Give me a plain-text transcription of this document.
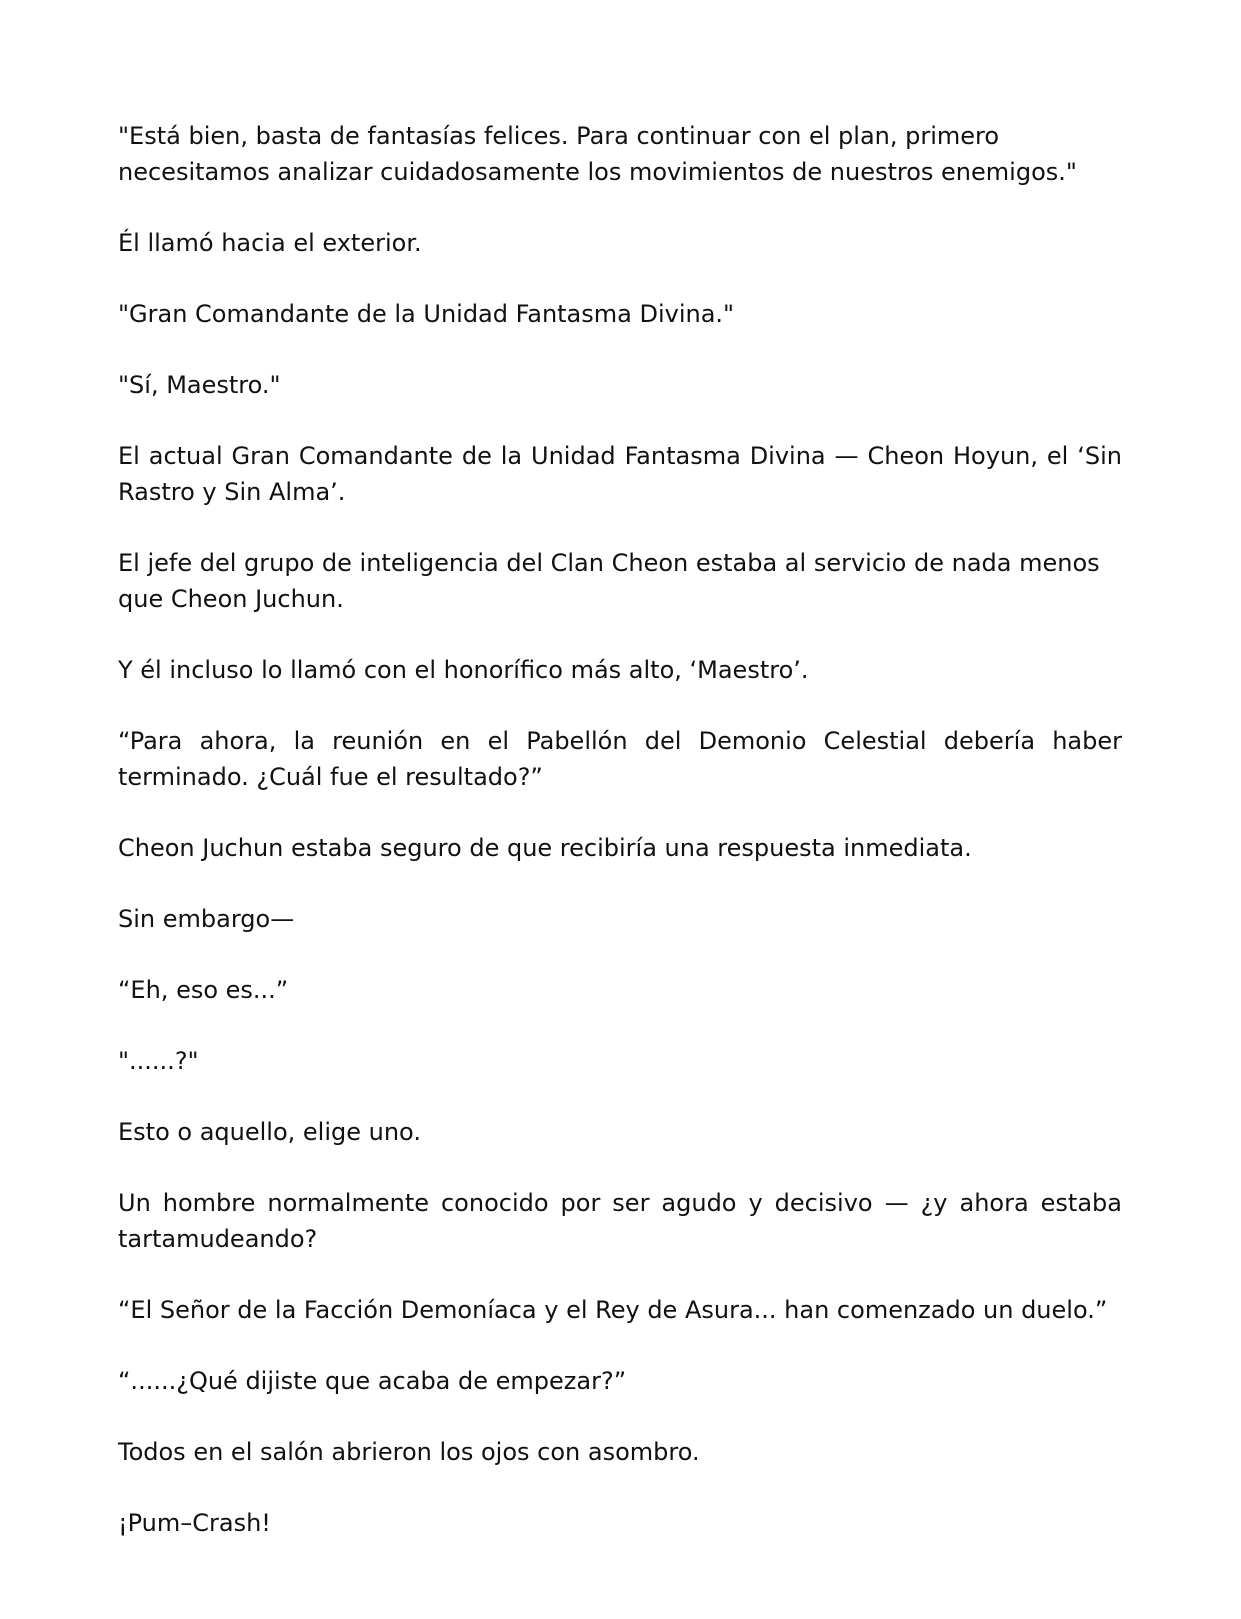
"Está bien, basta de fantasías felices. Para continuar con el plan, primero necesitamos analizar cuidadosamente los movimientos de nuestros enemigos."

Él llamó hacia el exterior.

"Gran Comandante de la Unidad Fantasma Divina."

"Sí, Maestro."

El actual Gran Comandante de la Unidad Fantasma Divina — Cheon Hoyun, el ‘Sin Rastro y Sin Alma’.

El jefe del grupo de inteligencia del Clan Cheon estaba al servicio de nada menos que Cheon Juchun.

Y él incluso lo llamó con el honorífico más alto, ‘Maestro’.

“Para ahora, la reunión en el Pabellón del Demonio Celestial debería haber terminado. ¿Cuál fue el resultado?”

Cheon Juchun estaba seguro de que recibiría una respuesta inmediata.

Sin embargo—

“Eh, eso es...”

"......?"

Esto o aquello, elige uno.

Un hombre normalmente conocido por ser agudo y decisivo — ¿y ahora estaba tartamudeando?

“El Señor de la Facción Demoníaca y el Rey de Asura... han comenzado un duelo.”

“......¿Qué dijiste que acaba de empezar?”

Todos en el salón abrieron los ojos con asombro.

¡Pum–Crash!
